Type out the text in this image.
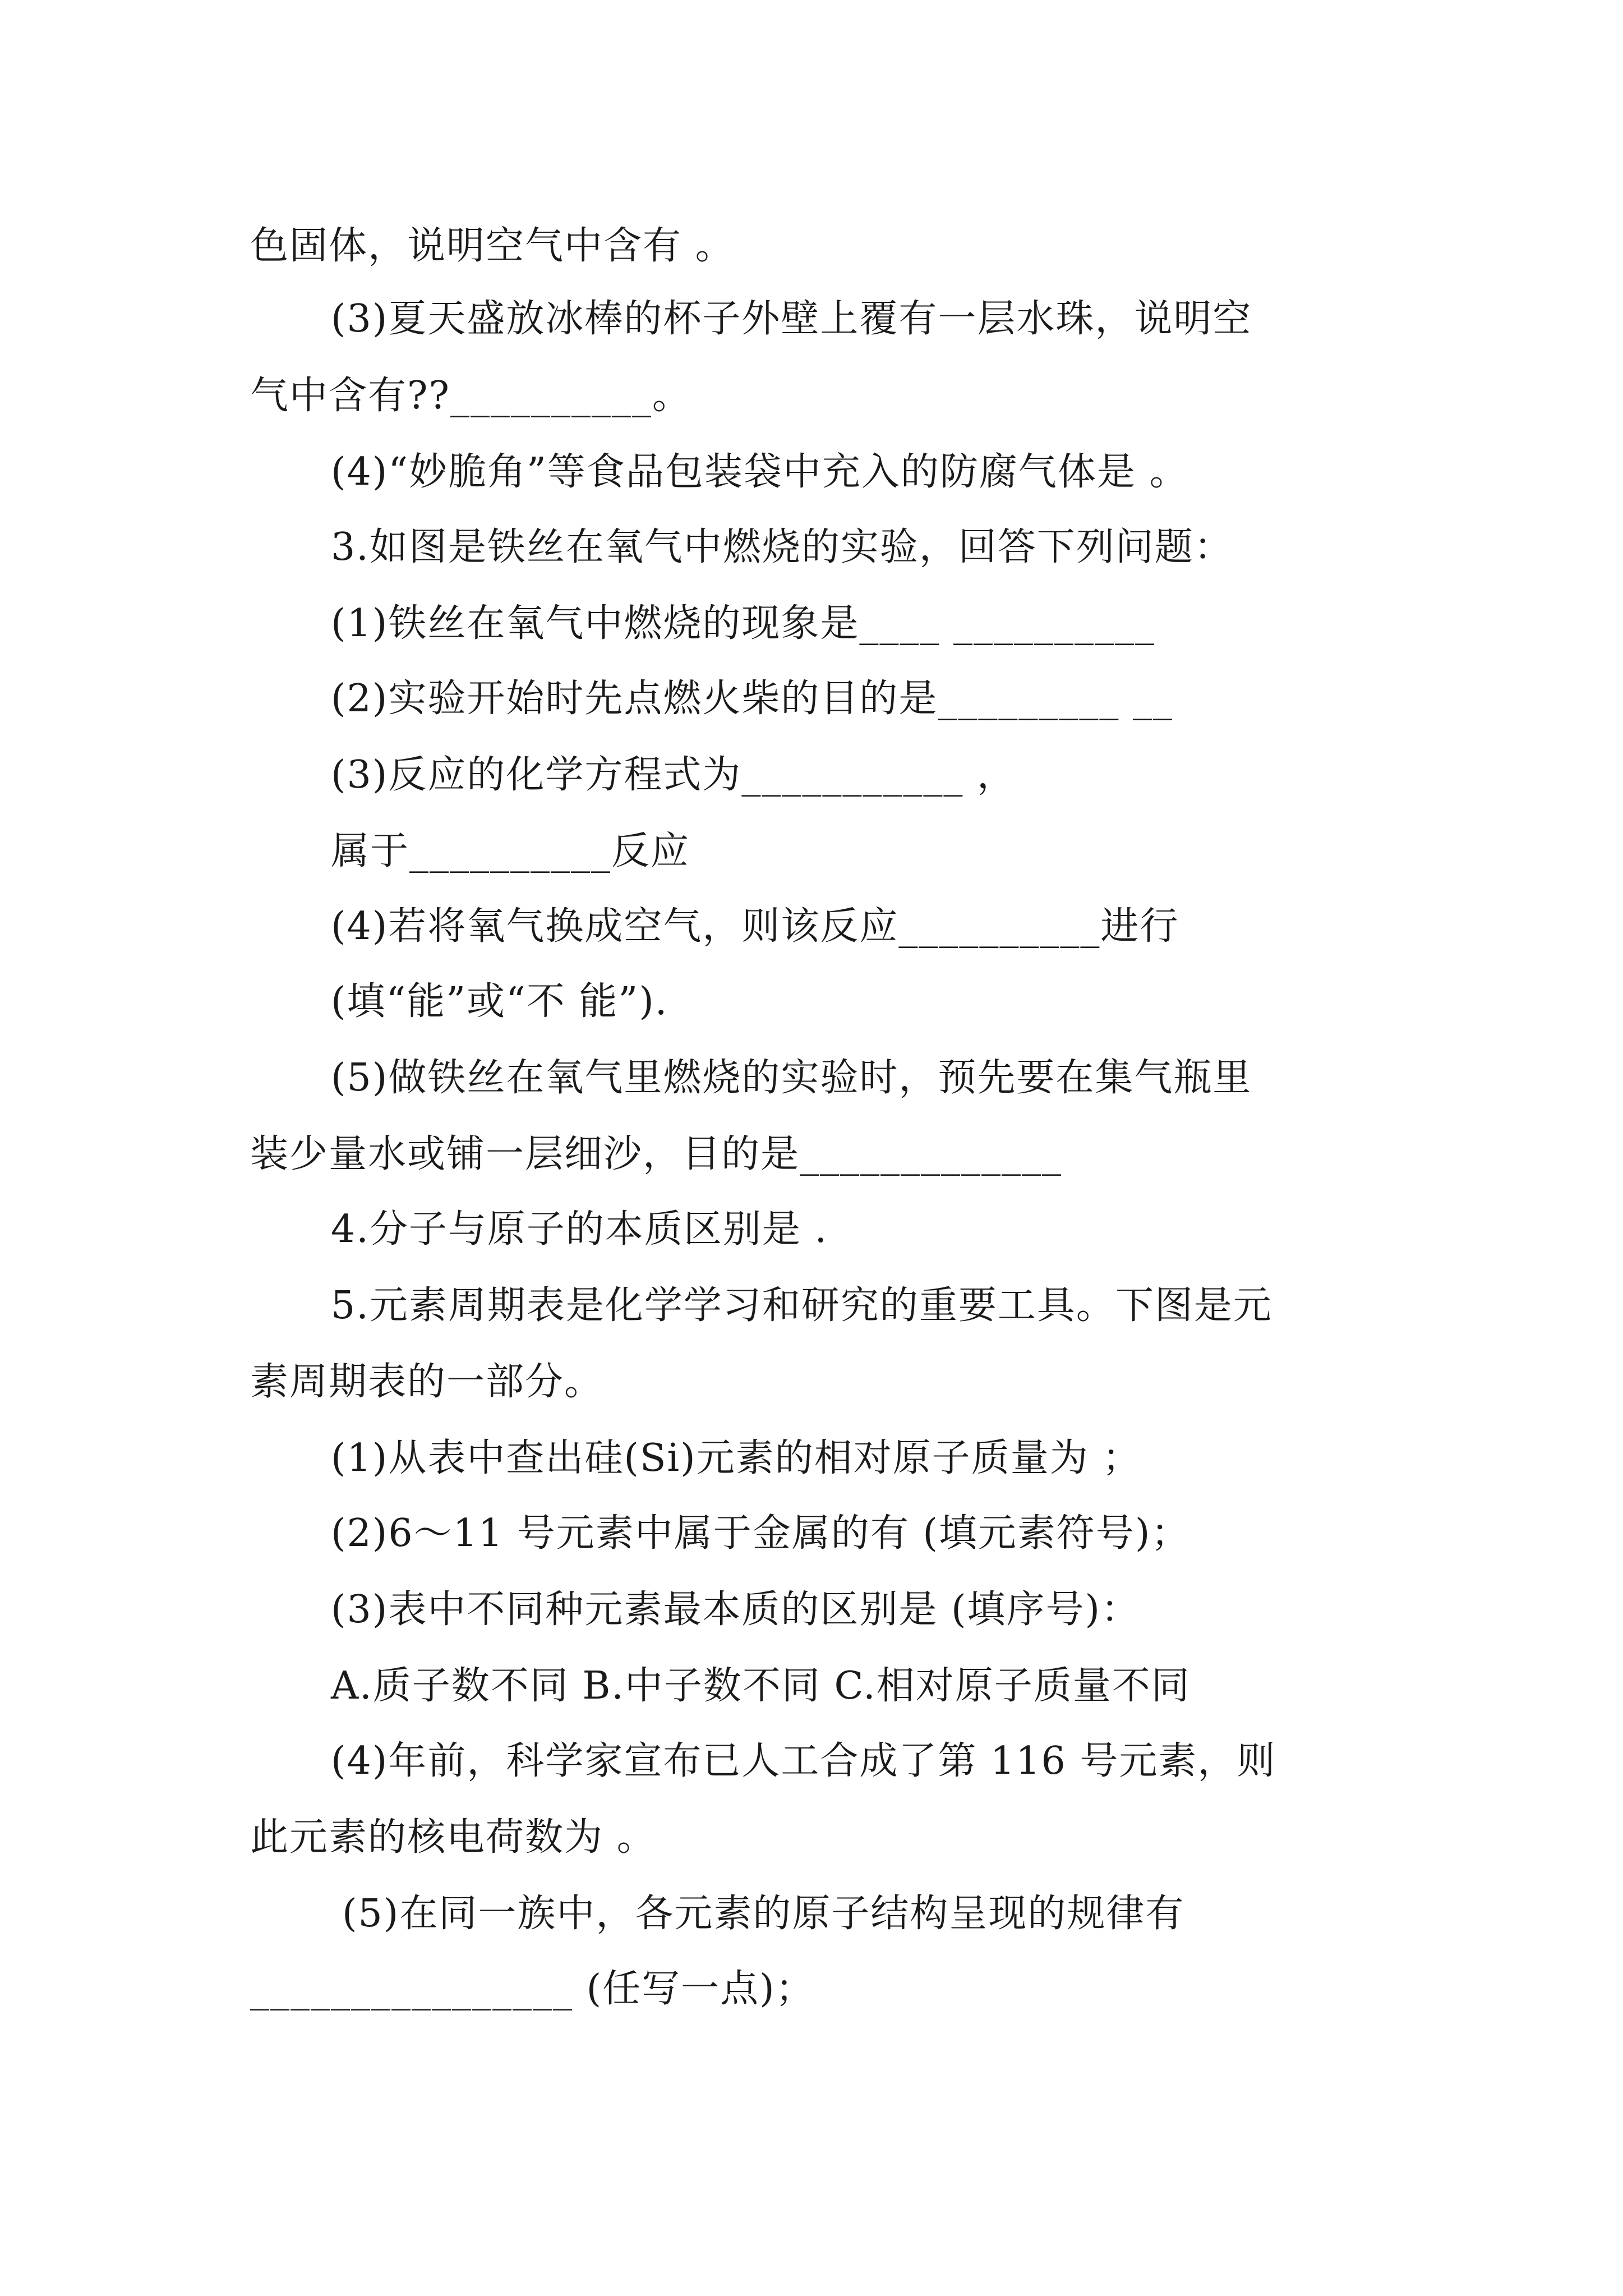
色固体，说明空气中含有 。
(3)夏天盛放冰棒的杯子外壁上覆有一层水珠，说明空
气中含有??__________。
(4)“妙脆角”等食品包装袋中充入的防腐气体是 。
3.如图是铁丝在氧气中燃烧的实验，回答下列问题：
(1)铁丝在氧气中燃烧的现象是____ __________
(2)实验开始时先点燃火柴的目的是_________ __
(3)反应的化学方程式为___________ ，
属于__________反应
(4)若将氧气换成空气，则该反应__________进行
(填“能”或“不 能”).
(5)做铁丝在氧气里燃烧的实验时，预先要在集气瓶里
装少量水或铺一层细沙，目的是_____________
4.分子与原子的本质区别是 .
5.元素周期表是化学学习和研究的重要工具。下图是元
素周期表的一部分。
(1)从表中查出硅(Si)元素的相对原子质量为 ；
(2)6～11 号元素中属于金属的有 (填元素符号)；
(3)表中不同种元素最本质的区别是 (填序号)：
A.质子数不同 B.中子数不同 C.相对原子质量不同
(4)年前，科学家宣布已人工合成了第 116 号元素，则
此元素的核电荷数为 。
(5)在同一族中，各元素的原子结构呈现的规律有
________________ (任写一点)；
